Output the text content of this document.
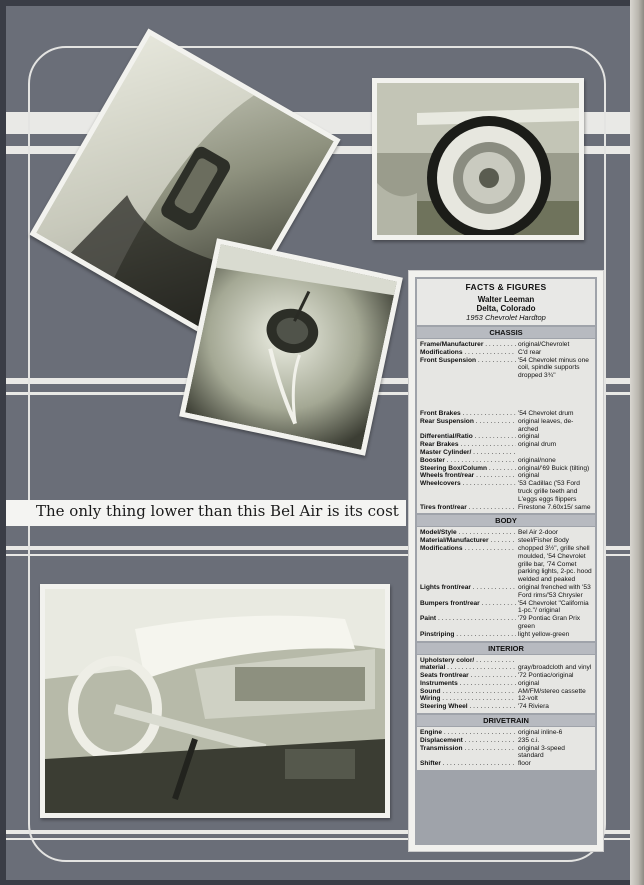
The only thing lower than this Bel Air is its cost
FACTS & FIGURES
Walter Leeman
Delta, Colorado
1953 Chevrolet Hardtop
CHASSIS
Frame/Manufacturer . . .	original/Chevrolet
Modifications . . .	C'd rear
Front Suspension . . .	'54 Chevrolet minus one coil, spindle supports dropped 3¾"
Front Brakes . . .	'54 Chevrolet drum
Rear Suspension . . .	original leaves, de-arched
Differential/Ratio . . .	original
Rear Brakes . . .	original drum
Master Cylinder/ . . .
Booster . . .	original/none
Steering Box/Column . . .	original/'69 Buick (tilting)
Wheels front/rear . . .	original
Wheelcovers . . .	'53 Cadillac ('53 Ford truck grille teeth and L'eggs eggs flippers
Tires front/rear . . .	Firestone 7.60x15/ same
BODY
Model/Style . . .	Bel Air 2-door
Material/Manufacturer . . .	steel/Fisher Body
Modifications . . .	chopped 3½", grille shell moulded, '54 Chevrolet grille bar, '74 Comet parking lights, 2-pc. hood welded and peaked
Lights front/rear . . .	original frenched with '53 Ford rims/'53 Chrysler
Bumpers front/rear . . .	'54 Chevrolet "California 1-pc."/ original
Paint . . .	'79 Pontiac Gran Prix green
Pinstriping . . .	light yellow-green
INTERIOR
Upholstery color/ . . .
material . . .	gray/broadcloth and vinyl
Seats front/rear . . .	'72 Pontiac/original
Instruments . . .	original
Sound . . .	AM/FM/stereo cassette
Wiring . . .	12-volt
Steering Wheel . . .	'74 Riviera
DRIVETRAIN
Engine . . .	original inline-6
Displacement . . .	235 c.i.
Transmission . . .	original 3-speed standard
Shifter . . .	floor
